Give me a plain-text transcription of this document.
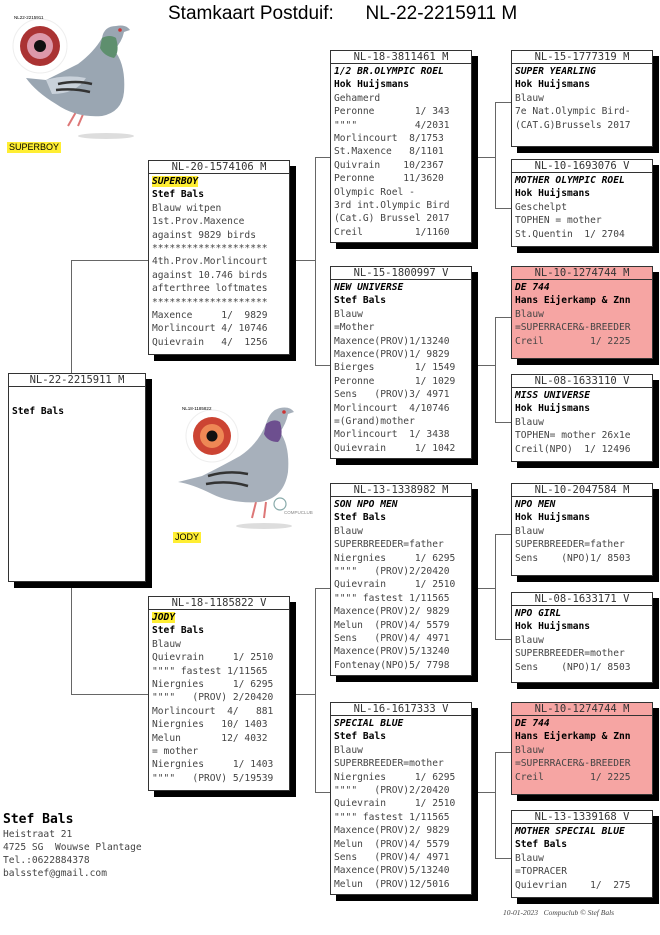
Stamkaart Postduif:      NL-22-2215911 M
NL22-2215911
SUPERBOY
NL18-1185822
COMPUCLUB
JODY
NL-22-2215911 M
Stef Bals
NL-20-1574106 M
SUPERBOY
Stef Bals
Blauw witpen
1st.Prov.Maxence
against 9829 birds
********************
4th.Prov.Morlincourt
against 10.746 birds
afterthree loftmates
********************
Maxence     1/  9829
Morlincourt 4/ 10746
Quievrain   4/  1256
NL-18-1185822 V
JODY
Stef Bals
Blauw
Quievrain     1/ 2510
"""" fastest 1/11565
Niergnies     1/ 6295
""""   (PROV) 2/20420
Morlincourt  4/   881
Niergnies   10/ 1403
Melun       12/ 4032
= mother
Niergnies     1/ 1403
""""   (PROV) 5/19539
NL-18-3811461 M
1/2 BR.OLYMPIC ROEL
Hok Huijsmans
Gehamerd
Peronne       1/ 343
""""          4/2031
Morlincourt  8/1753
St.Maxence   8/1101
Quivrain    10/2367
Peronne     11/3620
Olympic Roel -
3rd int.Olympic Bird
(Cat.G) Brussel 2017
Creil         1/1160
NL-15-1800997 V
NEW UNIVERSE
Stef Bals
Blauw
=Mother
Maxence(PROV)1/13240
Maxence(PROV)1/ 9829
Bierges       1/ 1549
Peronne       1/ 1029
Sens   (PROV)3/ 4971
Morlincourt  4/10746
=(Grand)mother
Morlincourt  1/ 3438
Quievrain     1/ 1042
NL-13-1338982 M
SON NPO MEN
Stef Bals
Blauw
SUPERBREEDER=father
Niergnies     1/ 6295
""""   (PROV)2/20420
Quievrain     1/ 2510
"""" fastest 1/11565
Maxence(PROV)2/ 9829
Melun  (PROV)4/ 5579
Sens   (PROV)4/ 4971
Maxence(PROV)5/13240
Fontenay(NPO)5/ 7798
NL-16-1617333 V
SPECIAL BLUE
Stef Bals
Blauw
SUPERBREEDER=mother
Niergnies     1/ 6295
""""   (PROV)2/20420
Quievrain     1/ 2510
"""" fastest 1/11565
Maxence(PROV)2/ 9829
Melun  (PROV)4/ 5579
Sens   (PROV)4/ 4971
Maxence(PROV)5/13240
Melun  (PROV)12/5016
NL-15-1777319 M
SUPER YEARLING
Hok Huijsmans
Blauw
7e Nat.Olympic Bird-
(CAT.G)Brussels 2017
NL-10-1693076 V
MOTHER OLYMPIC ROEL
Hok Huijsmans
Geschelpt
TOPHEN = mother
St.Quentin  1/ 2704
NL-10-1274744 M
DE 744
Hans Eijerkamp & Znn
Blauw
=SUPERRACER&-BREEDER
Creil        1/ 2225
NL-08-1633110 V
MISS UNIVERSE
Hok Huijsmans
Blauw
TOPHEN= mother 26x1e
Creil(NPO)  1/ 12496
NL-10-2047584 M
NPO MEN
Hok Huijsmans
Blauw
SUPERBREEDER=father
Sens    (NPO)1/ 8503
NL-08-1633171 V
NPO GIRL
Hok Huijsmans
Blauw
SUPERBREEDER=mother
Sens    (NPO)1/ 8503
NL-10-1274744 M
DE 744
Hans Eijerkamp & Znn
Blauw
=SUPERRACER&-BREEDER
Creil        1/ 2225
NL-13-1339168 V
MOTHER SPECIAL BLUE
Stef Bals
Blauw
=TOPRACER
Quievrian    1/  275
Stef Bals
Heistraat 21
4725 SG  Wouwse Plantage
Tel.:0622884378
balsstef@gmail.com
10-01-2023   Compuclub © Stef Bals
